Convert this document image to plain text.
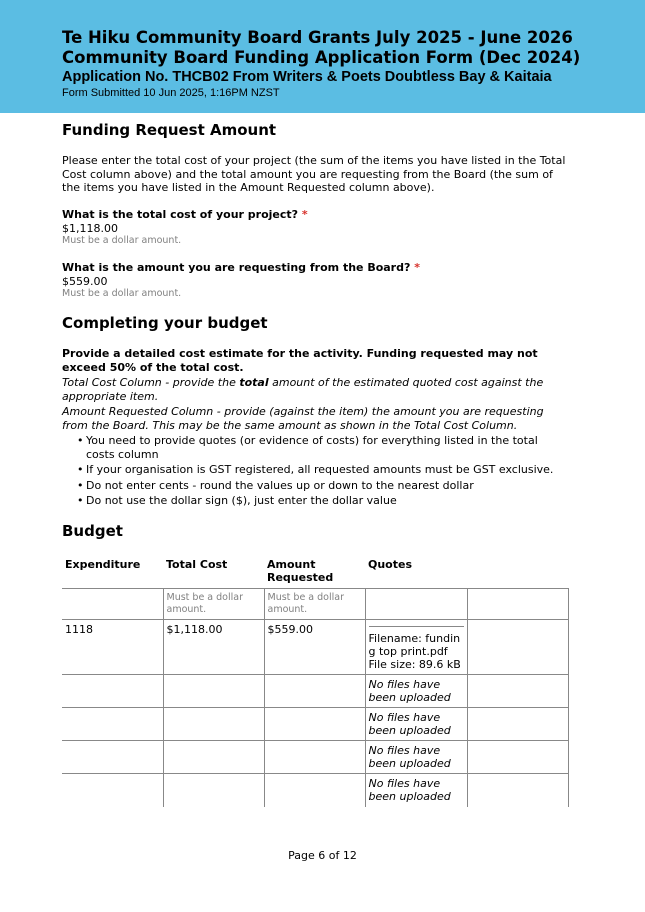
Te Hiku Community Board Grants July 2025 - June 2026
Community Board Funding Application Form (Dec 2024)
Application No. THCB02 From Writers & Poets Doubtless Bay & Kaitaia
Form Submitted 10 Jun 2025, 1:16PM NZST
Funding Request Amount

Please enter the total cost of your project (the sum of the items you have listed in the Total Cost column above) and the total amount you are requesting from the Board (the sum of the items you have listed in the Amount Requested column above).

What is the total cost of your project? *
$1,118.00
Must be a dollar amount.
What is the amount you are requesting from the Board? *
$559.00
Must be a dollar amount.
Completing your budget

Provide a detailed cost estimate for the activity. Funding requested may not exceed 50% of the total cost.

Total Cost Column - provide the total amount of the estimated quoted cost against the appropriate item.

Amount Requested Column - provide (against the item) the amount you are requesting from the Board. This may be the same amount as shown in the Total Cost Column.

• You need to provide quotes (or evidence of costs) for everything listed in the total costs column
• If your organisation is GST registered, all requested amounts must be GST exclusive.
• Do not enter cents - round the values up or down to the nearest dollar
• Do not use the dollar sign ($), just enter the dollar value
Budget
Expenditure	Total Cost	Amount Requested	Quotes	

	Must be a dollar amount.	Must be a dollar amount.		

1118	$1,118.00	$559.00	Filename: funding top print.pdf
File size: 89.6 kB	

			No files have been uploaded	
			No files have been uploaded	
			No files have been uploaded	
			No files have been uploaded	
Page 6 of 12
